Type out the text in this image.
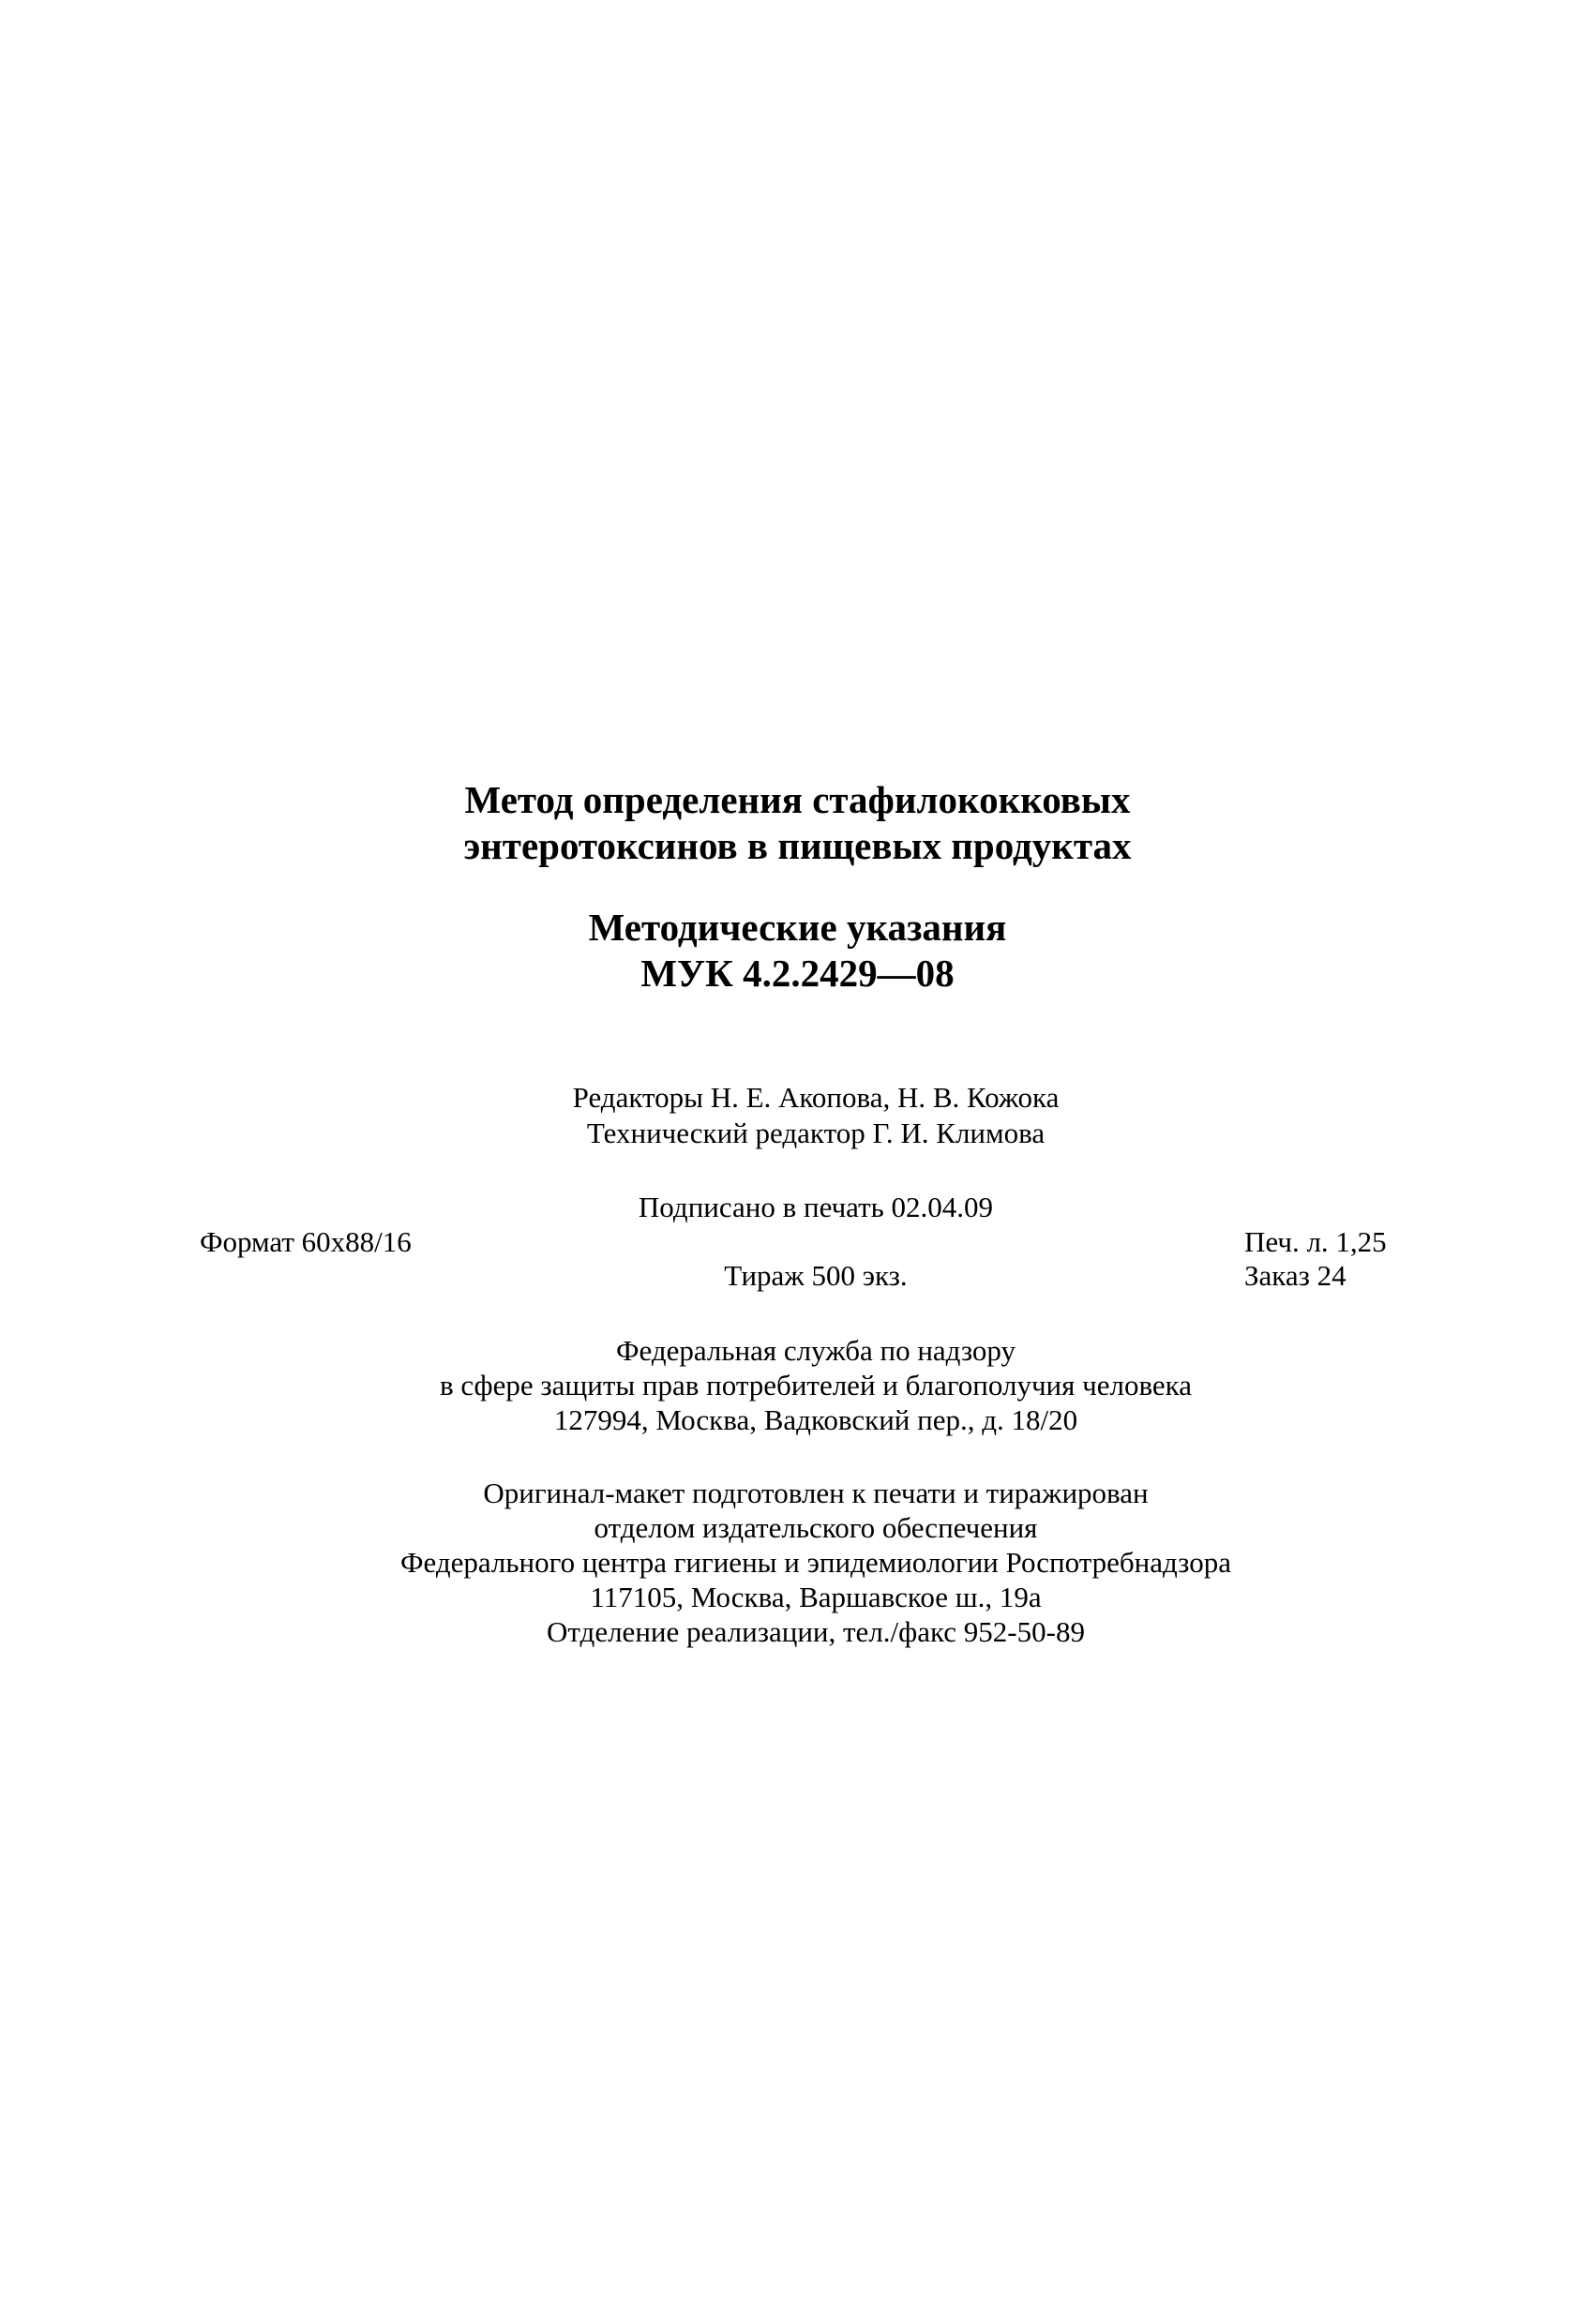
Метод определения стафилококковых
энтеротоксинов в пищевых продуктах
Методические указания
МУК 4.2.2429—08
Редакторы Н. Е. Акопова, Н. В. Кожока
Технический редактор Г. И. Климова
Подписано в печать 02.04.09
Формат 60x88/16	Печ. л. 1,25
Тираж 500 экз.	Заказ 24
Федеральная служба по надзору
в сфере защиты прав потребителей и благополучия человека
127994, Москва, Вадковский пер., д. 18/20
Оригинал-макет подготовлен к печати и тиражирован
отделом издательского обеспечения
Федерального центра гигиены и эпидемиологии Роспотребнадзора
117105, Москва, Варшавское ш., 19а
Отделение реализации, тел./факс 952-50-89
